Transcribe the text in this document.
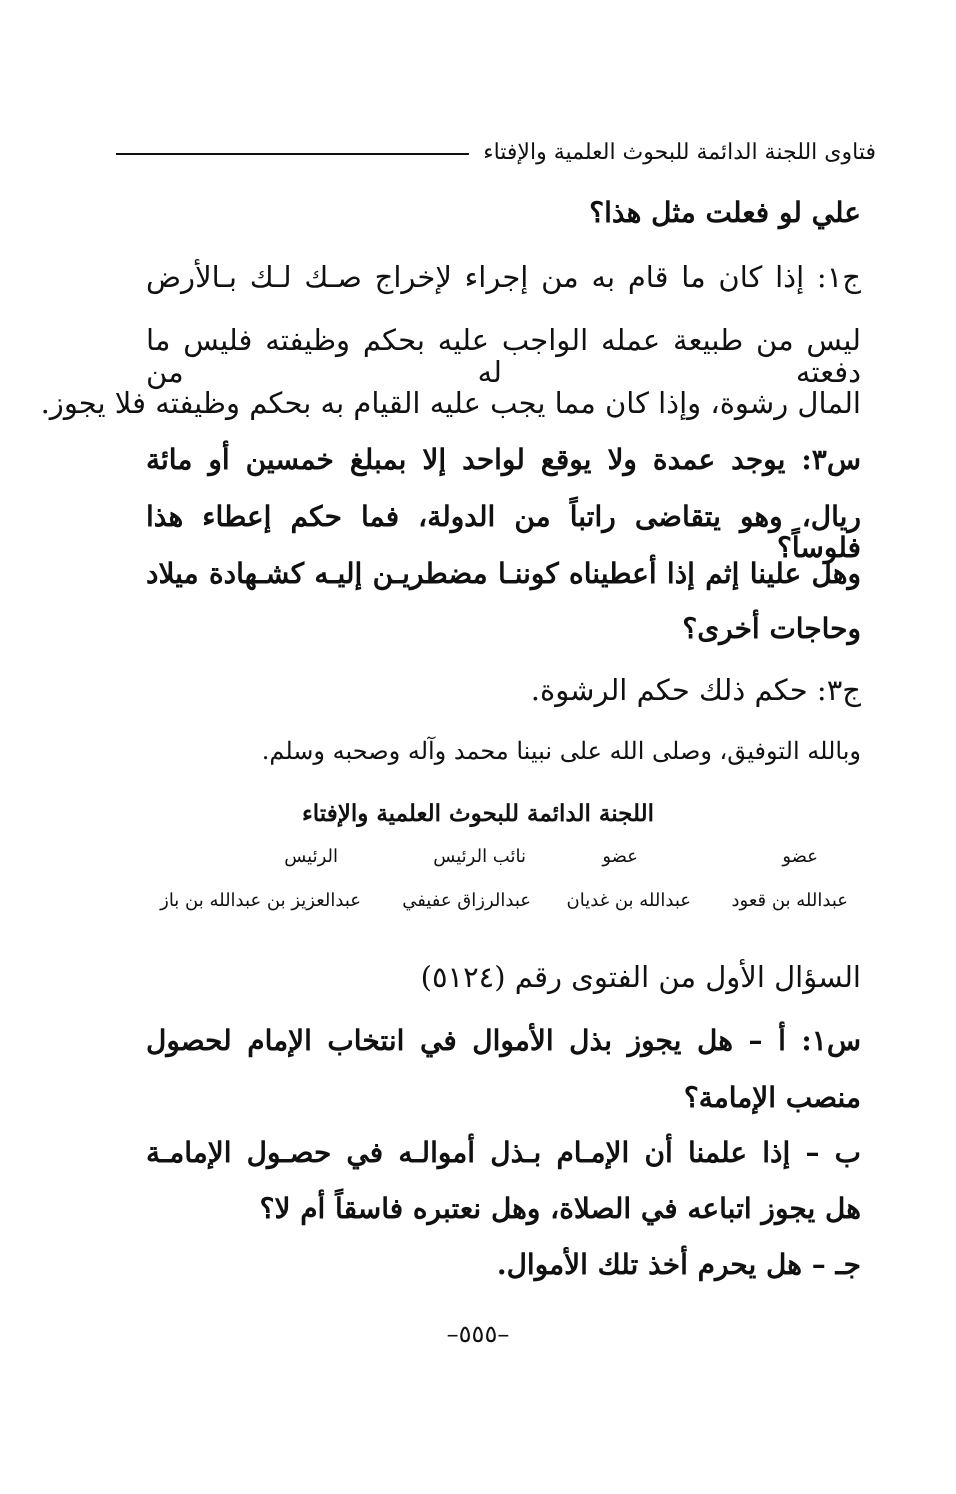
فتاوى اللجنة الدائمة للبحوث العلمية والإفتاء
علي لو فعلت مثل هذا؟
ج١: إذا كان ما قام به من إجراء لإخراج صـك لـك بـالأرض
ليس من طبيعة عمله الواجب عليه بحكم وظيفته فليس ما دفعته له من
المال رشوة، وإذا كان مما يجب عليه القيام به بحكم وظيفته فلا يجوز.
س٣: يوجد عمدة ولا يوقع لواحد إلا بمبلغ خمسين أو مائة
ريال، وهو يتقاضى راتباً من الدولة، فما حكم إعطاء هذا فلوساً؟
وهل علينا إثم إذا أعطيناه كوننـا مضطريـن إليـه كشـهادة ميلاد
وحاجات أخرى؟
ج٣: حكم ذلك حكم الرشوة.
وبالله التوفيق، وصلى الله على نبينا محمد وآله وصحبه وسلم.
اللجنة الدائمة للبحوث العلمية والإفتاء
عضو
عضو
نائب الرئيس
الرئيس
عبدالله بن قعود
عبدالله بن غديان
عبدالرزاق عفيفي
عبدالعزيز بن عبدالله بن باز
السؤال الأول من الفتوى رقم (٥١٢٤)
س١: أ – هل يجوز بذل الأموال في انتخاب الإمام لحصول
منصب الإمامة؟
ب – إذا علمنا أن الإمـام بـذل أموالـه في حصـول الإمامـة
هل يجوز اتباعه في الصلاة، وهل نعتبره فاسقاً أم لا؟
جـ – هل يحرم أخذ تلك الأموال.
–٥٥٥–
